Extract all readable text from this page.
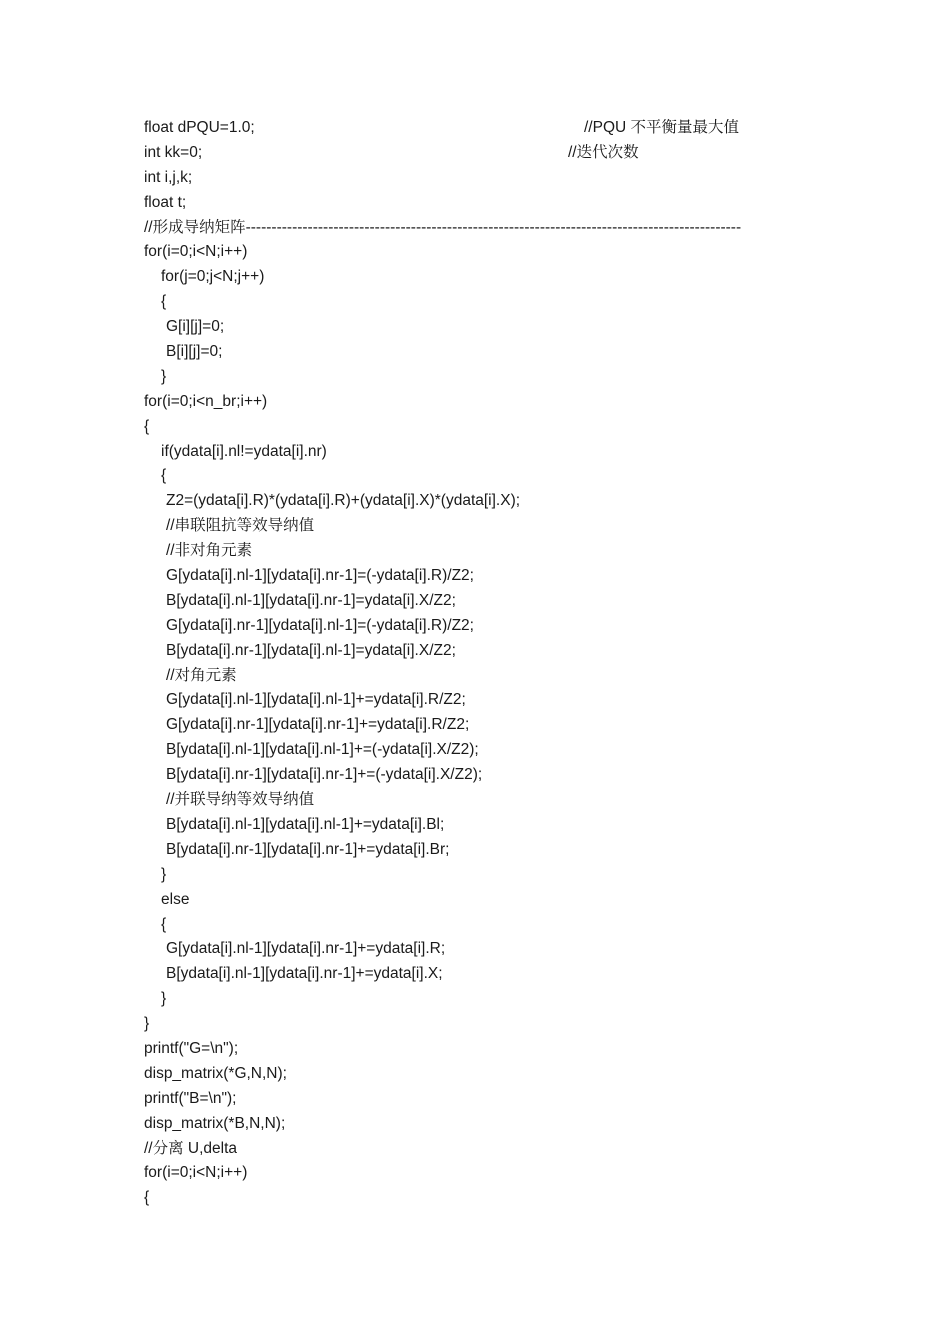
float dPQU=1.0;	//PQU 不平衡量最大值
int kk=0;	//迭代次数
int i,j,k;
float t;
//形成导纳矩阵------------------------------------------------------------------------------------------------
for(i=0;i<N;i++)
for(j=0;j<N;j++)
{
G[i][j]=0;
B[i][j]=0;
}
for(i=0;i<n_br;i++)
{
if(ydata[i].nl!=ydata[i].nr)
{
Z2=(ydata[i].R)*(ydata[i].R)+(ydata[i].X)*(ydata[i].X);
//串联阻抗等效导纳值
//非对角元素
G[ydata[i].nl-1][ydata[i].nr-1]=(-ydata[i].R)/Z2;
B[ydata[i].nl-1][ydata[i].nr-1]=ydata[i].X/Z2;
G[ydata[i].nr-1][ydata[i].nl-1]=(-ydata[i].R)/Z2;
B[ydata[i].nr-1][ydata[i].nl-1]=ydata[i].X/Z2;
//对角元素
G[ydata[i].nl-1][ydata[i].nl-1]+=ydata[i].R/Z2;
G[ydata[i].nr-1][ydata[i].nr-1]+=ydata[i].R/Z2;
B[ydata[i].nl-1][ydata[i].nl-1]+=(-ydata[i].X/Z2);
B[ydata[i].nr-1][ydata[i].nr-1]+=(-ydata[i].X/Z2);
//并联导纳等效导纳值
B[ydata[i].nl-1][ydata[i].nl-1]+=ydata[i].Bl;
B[ydata[i].nr-1][ydata[i].nr-1]+=ydata[i].Br;
}
else
{
G[ydata[i].nl-1][ydata[i].nr-1]+=ydata[i].R;
B[ydata[i].nl-1][ydata[i].nr-1]+=ydata[i].X;
}
}
printf("G=\n");
disp_matrix(*G,N,N);
printf("B=\n");
disp_matrix(*B,N,N);
//分离 U,delta
for(i=0;i<N;i++)
{
